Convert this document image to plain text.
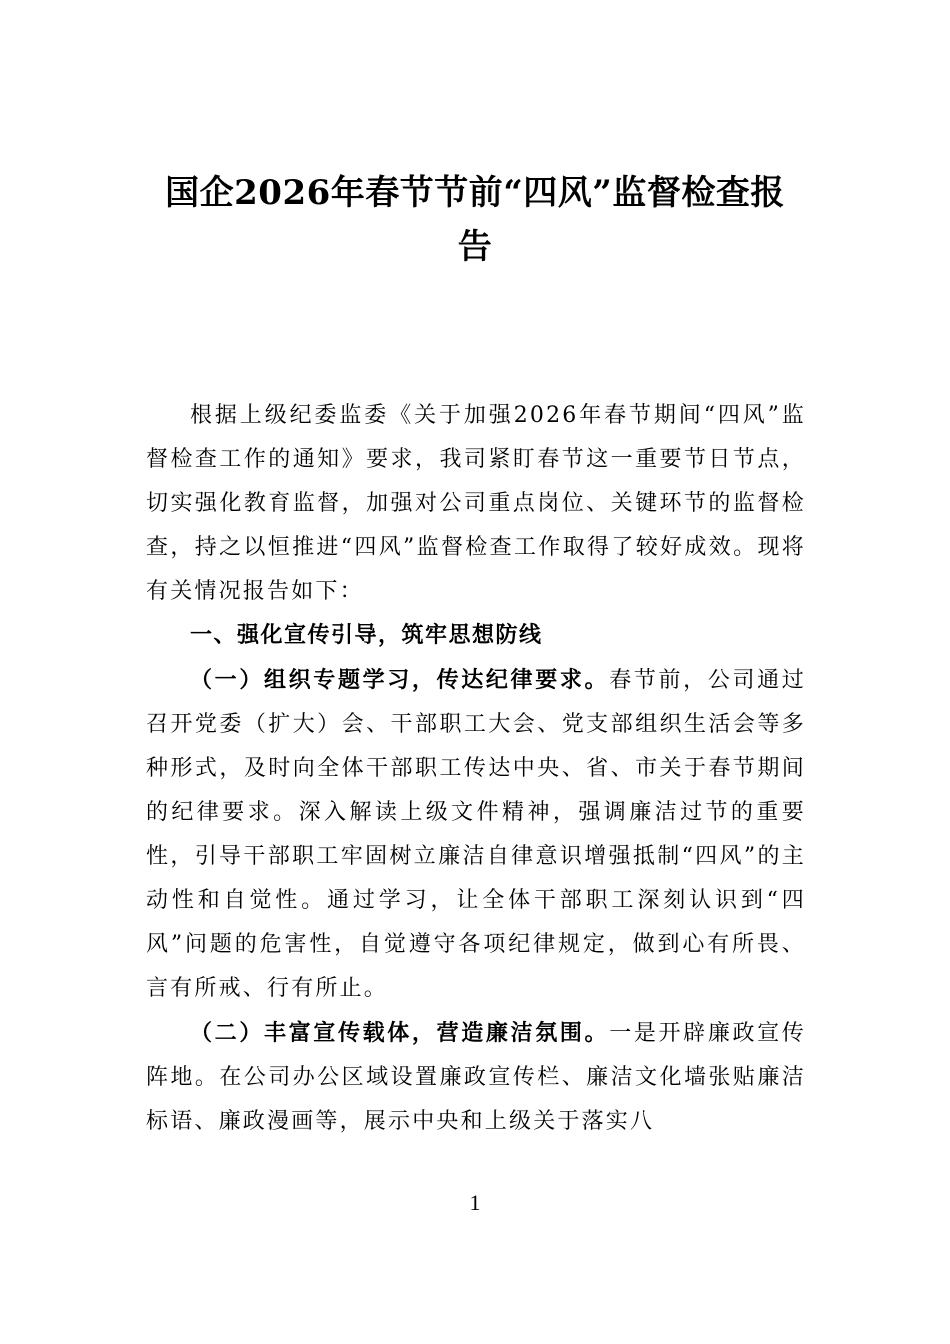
国企2026年春节节前“四风”监督检查报
告

根据上级纪委监委《关于加强2026年春节期间“四风”监督检查工作的通知》要求，我司紧盯春节这一重要节日节点，切实强化教育监督，加强对公司重点岗位、关键环节的监督检查，持之以恒推进“四风”监督检查工作取得了较好成效。现将有关情况报告如下：

一、强化宣传引导，筑牢思想防线

（一）组织专题学习，传达纪律要求。春节前，公司通过召开党委（扩大）会、干部职工大会、党支部组织生活会等多种形式，及时向全体干部职工传达中央、省、市关于春节期间的纪律要求。深入解读上级文件精神，强调廉洁过节的重要性，引导干部职工牢固树立廉洁自律意识增强抵制“四风”的主动性和自觉性。通过学习，让全体干部职工深刻认识到“四风”问题的危害性，自觉遵守各项纪律规定，做到心有所畏、言有所戒、行有所止。

（二）丰富宣传载体，营造廉洁氛围。一是开辟廉政宣传阵地。在公司办公区域设置廉政宣传栏、廉洁文化墙张贴廉洁标语、廉政漫画等，展示中央和上级关于落实八

1
